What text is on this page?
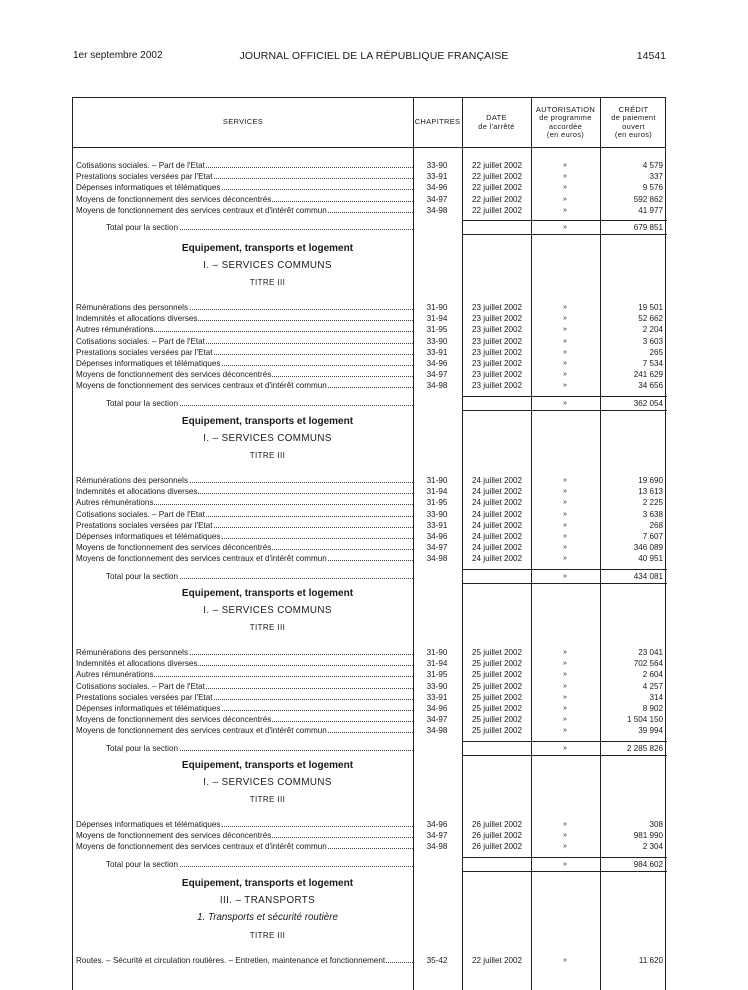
1er septembre 2002	JOURNAL OFFICIEL DE LA RÉPUBLIQUE FRANÇAISE	14541
SERVICES	CHAPITRES	DATE
de l'arrêté
AUTORISATION
de programme
accordée
(en euros)
CRÉDIT
de paiement
ouvert
(en euros)
Cotisations sociales. – Part de l'Etat	33-90	22 juillet 2002	»	4 579
Prestations sociales versées par l'Etat	33-91	22 juillet 2002	»	337
Dépenses informatiques et télématiques	34-96	22 juillet 2002	»	9 576
Moyens de fonctionnement des services déconcentrés	34-97	22 juillet 2002	»	592 862
Moyens de fonctionnement des services centraux et d'intérêt commun	34-98	22 juillet 2002	»	41 977
Total pour la section	»	679 851
Equipement, transports et logement
I. – SERVICES COMMUNS
TITRE III
Rémunérations des personnels	31-90	23 juillet 2002	»	19 501
Indemnités et allocations diverses	31-94	23 juillet 2002	»	52 662
Autres rémunérations	31-95	23 juillet 2002	»	2 204
Cotisations sociales. – Part de l'Etat	33-90	23 juillet 2002	»	3 603
Prestations sociales versées par l'Etat	33-91	23 juillet 2002	»	265
Dépenses informatiques et télématiques	34-96	23 juillet 2002	»	7 534
Moyens de fonctionnement des services déconcentrés	34-97	23 juillet 2002	»	241 629
Moyens de fonctionnement des services centraux et d'intérêt commun	34-98	23 juillet 2002	»	34 656
Total pour la section	»	362 054
Equipement, transports et logement
I. – SERVICES COMMUNS
TITRE III
Rémunérations des personnels	31-90	24 juillet 2002	»	19 690
Indemnités et allocations diverses	31-94	24 juillet 2002	»	13 613
Autres rémunérations	31-95	24 juillet 2002	»	2 225
Cotisations sociales. – Part de l'Etat	33-90	24 juillet 2002	»	3 638
Prestations sociales versées par l'Etat	33-91	24 juillet 2002	»	268
Dépenses informatiques et télématiques	34-96	24 juillet 2002	»	7 607
Moyens de fonctionnement des services déconcentrés	34-97	24 juillet 2002	»	346 089
Moyens de fonctionnement des services centraux et d'intérêt commun	34-98	24 juillet 2002	»	40 951
Total pour la section	»	434 081
Equipement, transports et logement
I. – SERVICES COMMUNS
TITRE III
Rémunérations des personnels	31-90	25 juillet 2002	»	23 041
Indemnités et allocations diverses	31-94	25 juillet 2002	»	702 564
Autres rémunérations	31-95	25 juillet 2002	»	2 604
Cotisations sociales. – Part de l'Etat	33-90	25 juillet 2002	»	4 257
Prestations sociales versées par l'Etat	33-91	25 juillet 2002	»	314
Dépenses informatiques et télématiques	34-96	25 juillet 2002	»	8 902
Moyens de fonctionnement des services déconcentrés	34-97	25 juillet 2002	»	1 504 150
Moyens de fonctionnement des services centraux et d'intérêt commun	34-98	25 juillet 2002	»	39 994
Total pour la section	»	2 285 826
Equipement, transports et logement
I. – SERVICES COMMUNS
TITRE III
Dépenses informatiques et télématiques	34-96	26 juillet 2002	»	308
Moyens de fonctionnement des services déconcentrés	34-97	26 juillet 2002	»	981 990
Moyens de fonctionnement des services centraux et d'intérêt commun	34-98	26 juillet 2002	»	2 304
Total pour la section	»	984 602
Equipement, transports et logement
III. – TRANSPORTS
1. Transports et sécurité routière
TITRE III
Routes. – Sécurité et circulation routières. – Entretien, maintenance et fonctionnement	35-42	22 juillet 2002	»	11 620
